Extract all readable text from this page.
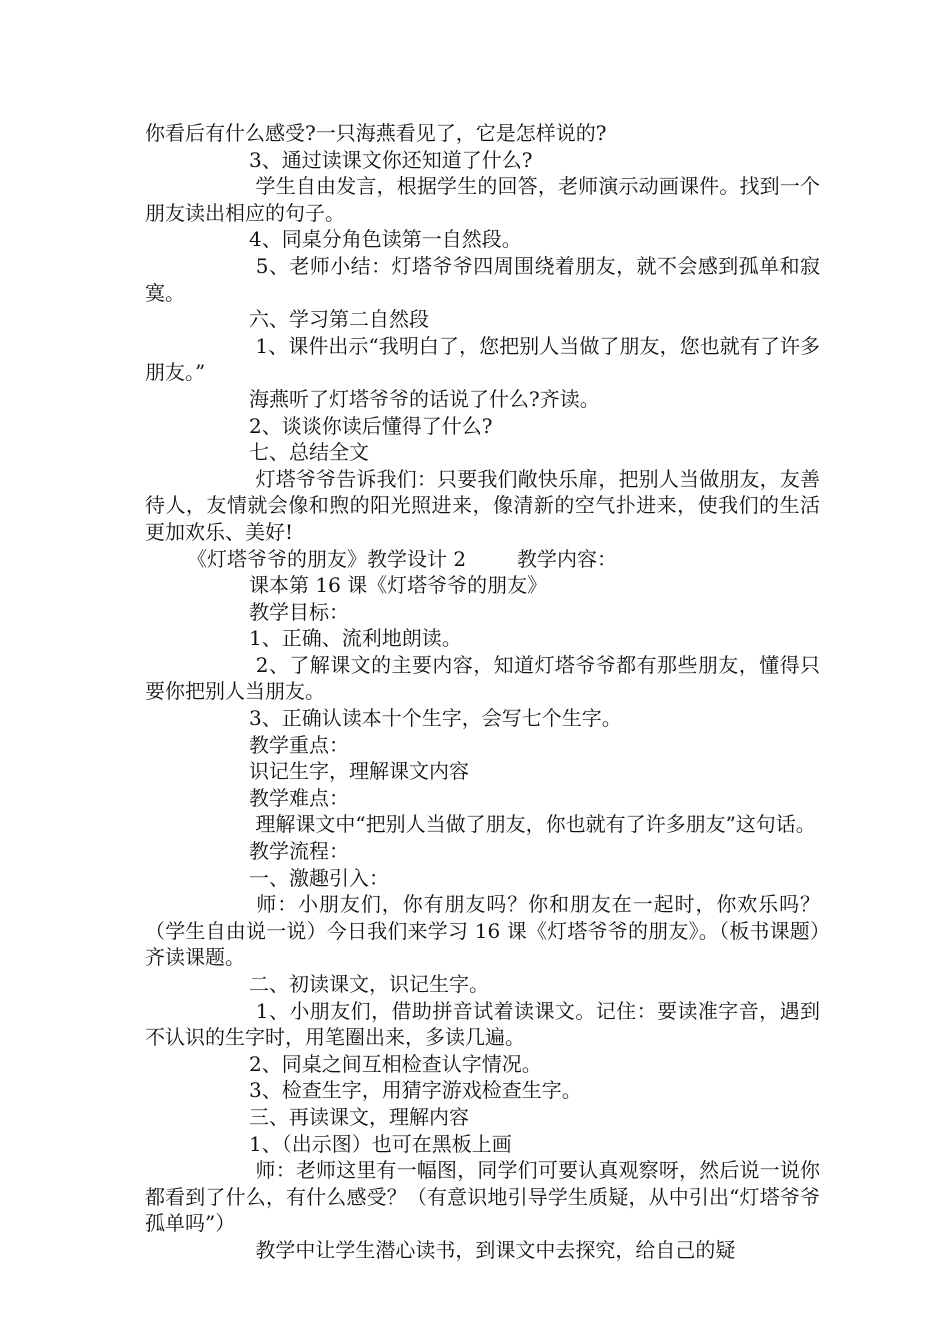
你看后有什么感受?一只海燕看见了，它是怎样说的?

3、通过读课文你还知道了什么?

学生自由发言，根据学生的回答，老师演示动画课件。找到一个朋友读出相应的句子。

4、同桌分角色读第一自然段。

5、老师小结：灯塔爷爷四周围绕着朋友，就不会感到孤单和寂寞。

六、学习第二自然段

1、课件出示“我明白了，您把别人当做了朋友，您也就有了许多朋友。”

海燕听了灯塔爷爷的话说了什么?齐读。

2、谈谈你读后懂得了什么?

七、总结全文

灯塔爷爷告诉我们：只要我们敞快乐扉，把别人当做朋友，友善待人，友情就会像和煦的阳光照进来，像清新的空气扑进来，使我们的生活更加欢乐、美好!

《灯塔爷爷的朋友》教学设计 2        教学内容：

课本第 16 课《灯塔爷爷的朋友》

教学目标：

1、正确、流利地朗读。

2、了解课文的主要内容，知道灯塔爷爷都有那些朋友，懂得只要你把别人当朋友。

3、正确认读本十个生字，会写七个生字。

教学重点：

识记生字，理解课文内容

教学难点：

理解课文中“把别人当做了朋友，你也就有了许多朋友”这句话。

教学流程：

一、激趣引入：

师：小朋友们，你有朋友吗？你和朋友在一起时，你欢乐吗？（学生自由说一说）今日我们来学习 16 课《灯塔爷爷的朋友》。（板书课题）齐读课题。

二、初读课文，识记生字。

1、小朋友们，借助拼音试着读课文。记住：要读准字音，遇到不认识的生字时，用笔圈出来，多读几遍。

2、同桌之间互相检查认字情况。

3、检查生字，用猜字游戏检查生字。

三、再读课文，理解内容

1、（出示图）也可在黑板上画

师：老师这里有一幅图，同学们可要认真观察呀，然后说一说你都看到了什么，有什么感受？（有意识地引导学生质疑，从中引出“灯塔爷爷孤单吗”）

教学中让学生潜心读书，到课文中去探究，给自己的疑
